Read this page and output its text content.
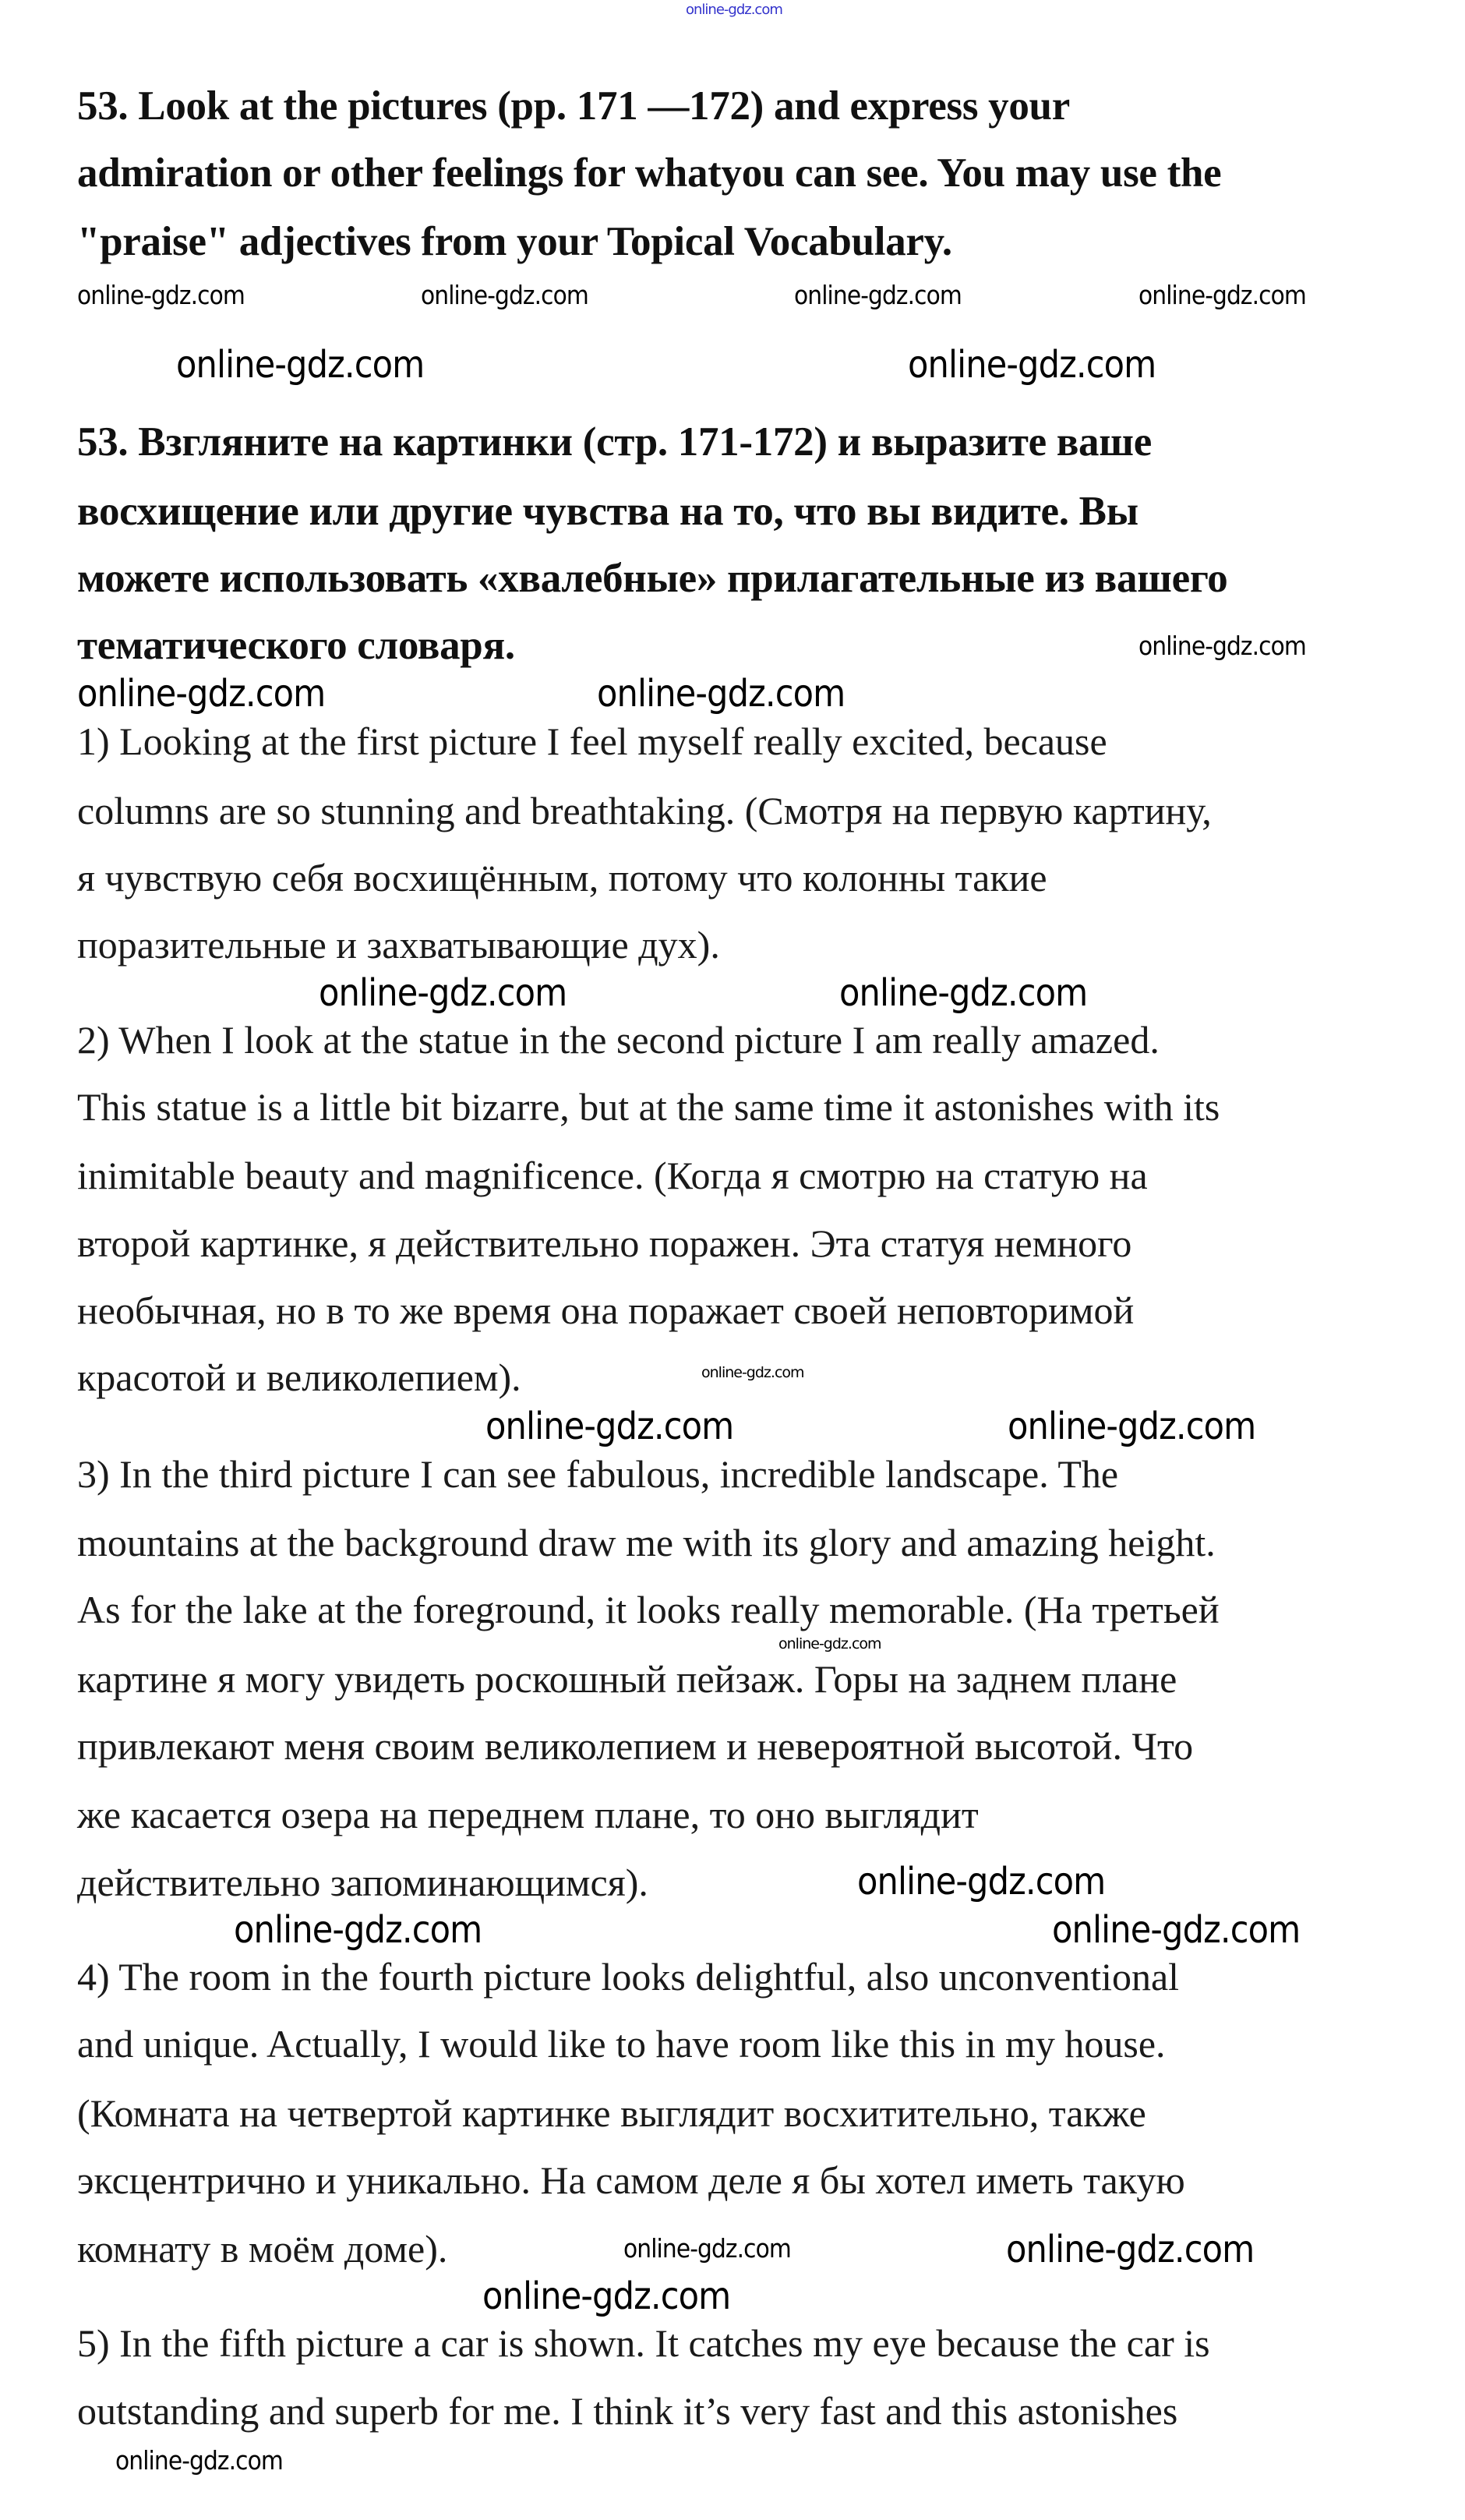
53. Look at the pictures (pp. 171 —172) and express your
admiration or other feelings for whatyou can see. You may use the
"praise" adjectives from your Topical Vocabulary.
53. Взгляните на картинки (стр. 171-172) и выразите ваше
восхищение или другие чувства на то, что вы видите. Вы
можете использовать «хвалебные» прилагательные из вашего
тематического словаря.
1) Looking at the first picture I feel myself really excited, because
columns are so stunning and breathtaking. (Смотря на первую картину,
я чувствую себя восхищённым, потому что колонны такие
поразительные и захватывающие дух).
2) When I look at the statue in the second picture I am really amazed.
This statue is a little bit bizarre, but at the same time it astonishes with its
inimitable beauty and magnificence. (Когда я смотрю на статую на
второй картинке, я действительно поражен. Эта статуя немного
необычная, но в то же время она поражает своей неповторимой
красотой и великолепием).
3) In the third picture I can see fabulous, incredible landscape. The
mountains at the background draw me with its glory and amazing height.
As for the lake at the foreground, it looks really memorable. (На третьей
картине я могу увидеть роскошный пейзаж. Горы на заднем плане
привлекают меня своим великолепием и невероятной высотой. Что
же касается озера на переднем плане, то оно выглядит
действительно запоминающимся).
4) The room in the fourth picture looks delightful, also unconventional
and unique. Actually, I would like to have room like this in my house.
(Комната на четвертой картинке выглядит восхитительно, также
эксцентрично и уникально. На самом деле я бы хотел иметь такую
комнату в моём доме).
5) In the fifth picture a car is shown. It catches my eye because the car is
outstanding and superb for me. I think it’s very fast and this astonishes
online-gdz.com
online-gdz.com	online-gdz.com	online-gdz.com	online-gdz.com
online-gdz.com	online-gdz.com
online-gdz.com	online-gdz.com
online-gdz.com
online-gdz.com	online-gdz.com
online-gdz.com
online-gdz.com
online-gdz.com
online-gdz.com
online-gdz.com	online-gdz.com
online-gdz.com
online-gdz.com	online-gdz.com
online-gdz.com
online-gdz.com
